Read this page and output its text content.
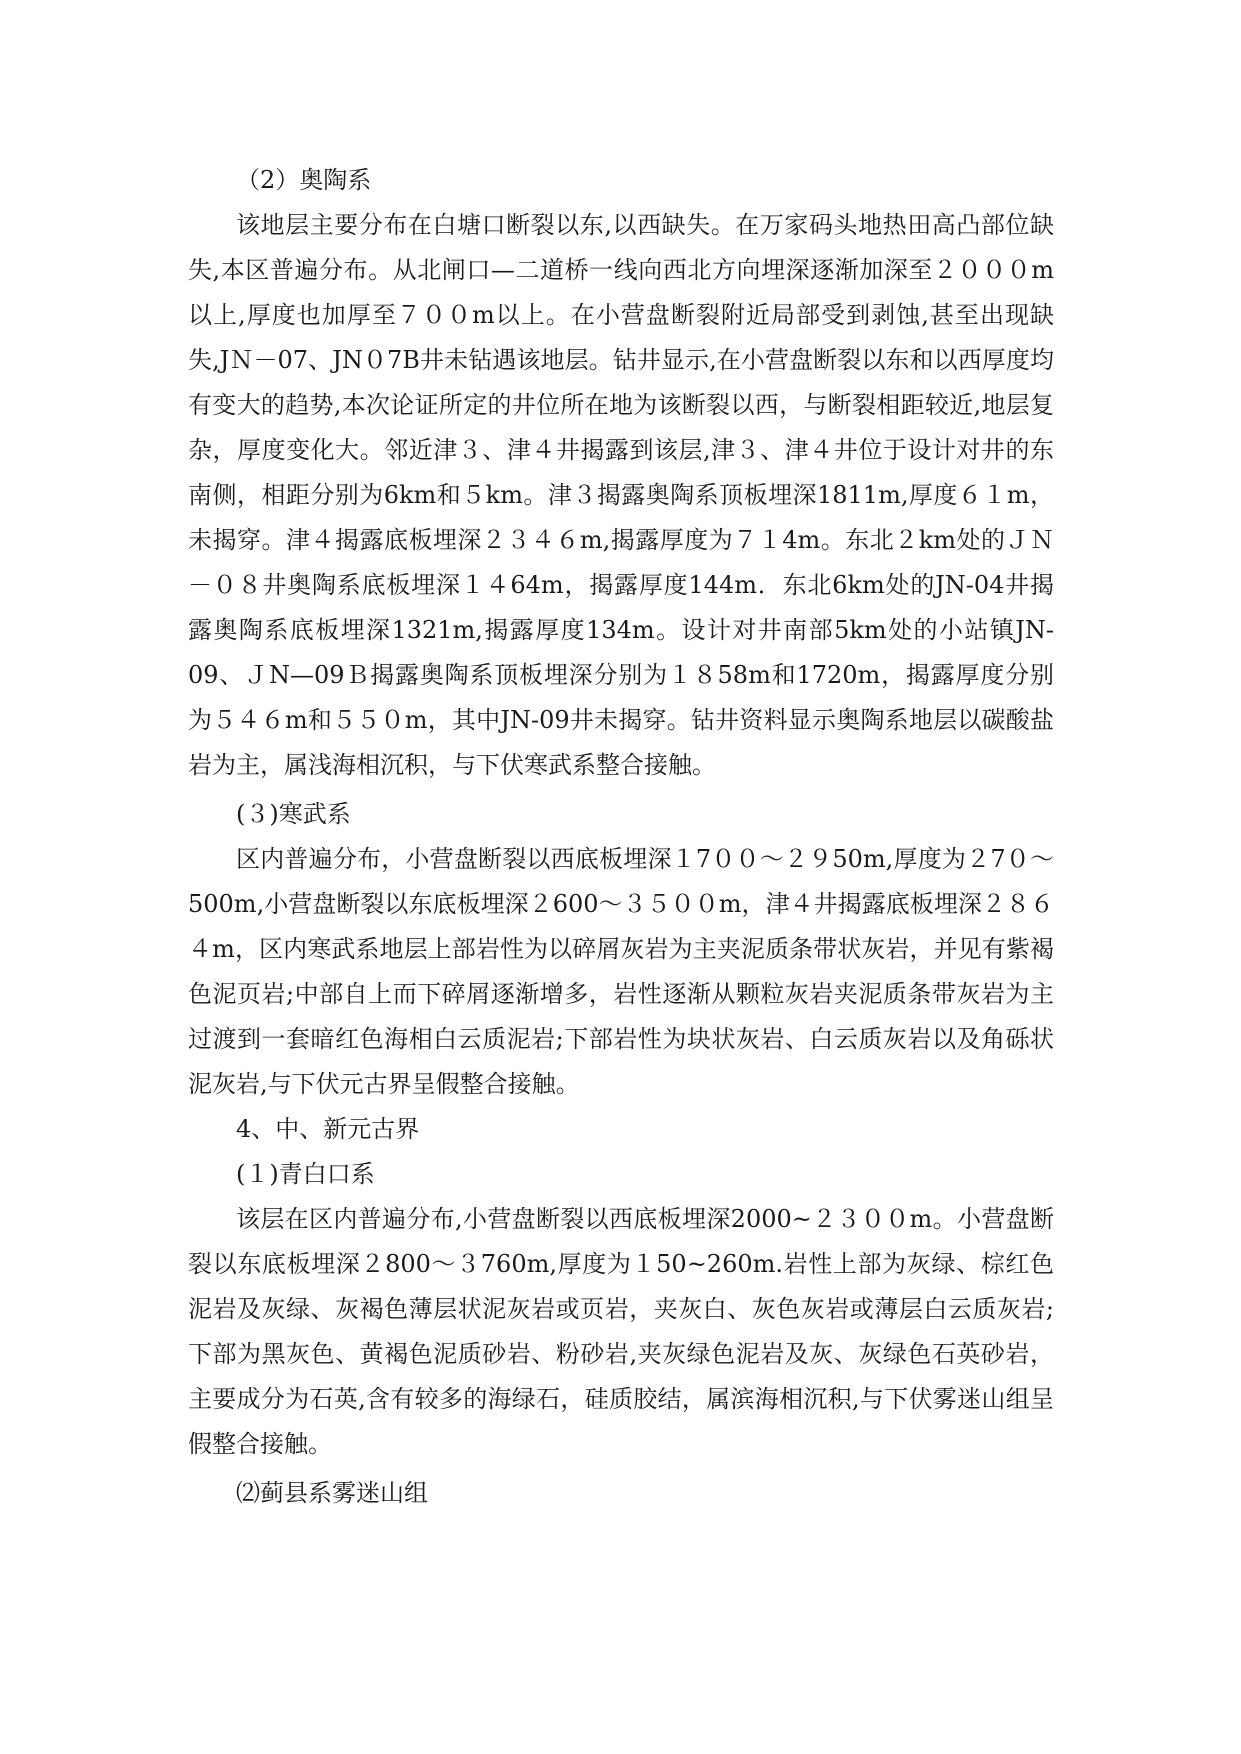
（2）奥陶系

该地层主要分布在白塘口断裂以东,以西缺失。在万家码头地热田高凸部位缺失,本区普遍分布。从北闸口—二道桥一线向西北方向埋深逐渐加深至２０００m以上,厚度也加厚至７００m以上。在小营盘断裂附近局部受到剥蚀,甚至出现缺失,JＮ－07、JN０7B井未钻遇该地层。钻井显示,在小营盘断裂以东和以西厚度均有变大的趋势,本次论证所定的井位所在地为该断裂以西，与断裂相距较近,地层复杂，厚度变化大。邻近津３、津４井揭露到该层,津３、津４井位于设计对井的东南侧，相距分别为6km和５km。津３揭露奥陶系顶板埋深1811m,厚度６１m，未揭穿。津４揭露底板埋深２３４６m,揭露厚度为７１4m。东北２km处的ＪＮ－０８井奥陶系底板埋深１４64m，揭露厚度144m．东北6km处的JN-04井揭露奥陶系底板埋深1321m,揭露厚度134m。设计对井南部5km处的小站镇JN-09、ＪN—09Ｂ揭露奥陶系顶板埋深分别为１８58m和1720m，揭露厚度分别为５４６m和５５０m，其中JN-09井未揭穿。钻井资料显示奥陶系地层以碳酸盐岩为主，属浅海相沉积，与下伏寒武系整合接触。

(３)寒武系

区内普遍分布，小营盘断裂以西底板埋深１7００～２９50m,厚度为２7０～500m,小营盘断裂以东底板埋深２600～３５００m，津４井揭露底板埋深２８６４m，区内寒武系地层上部岩性为以碎屑灰岩为主夹泥质条带状灰岩，并见有紫褐色泥页岩;中部自上而下碎屑逐渐增多，岩性逐渐从颗粒灰岩夹泥质条带灰岩为主过渡到一套暗红色海相白云质泥岩;下部岩性为块状灰岩、白云质灰岩以及角砾状泥灰岩,与下伏元古界呈假整合接触。

4、中、新元古界

(１)青白口系

该层在区内普遍分布,小营盘断裂以西底板埋深2000~２３００m。小营盘断裂以东底板埋深２800～３760m,厚度为１50~260m.岩性上部为灰绿、棕红色泥岩及灰绿、灰褐色薄层状泥灰岩或页岩，夹灰白、灰色灰岩或薄层白云质灰岩;下部为黑灰色、黄褐色泥质砂岩、粉砂岩,夹灰绿色泥岩及灰、灰绿色石英砂岩，主要成分为石英,含有较多的海绿石，硅质胶结，属滨海相沉积,与下伏雾迷山组呈假整合接触。

⑵蓟县系雾迷山组
